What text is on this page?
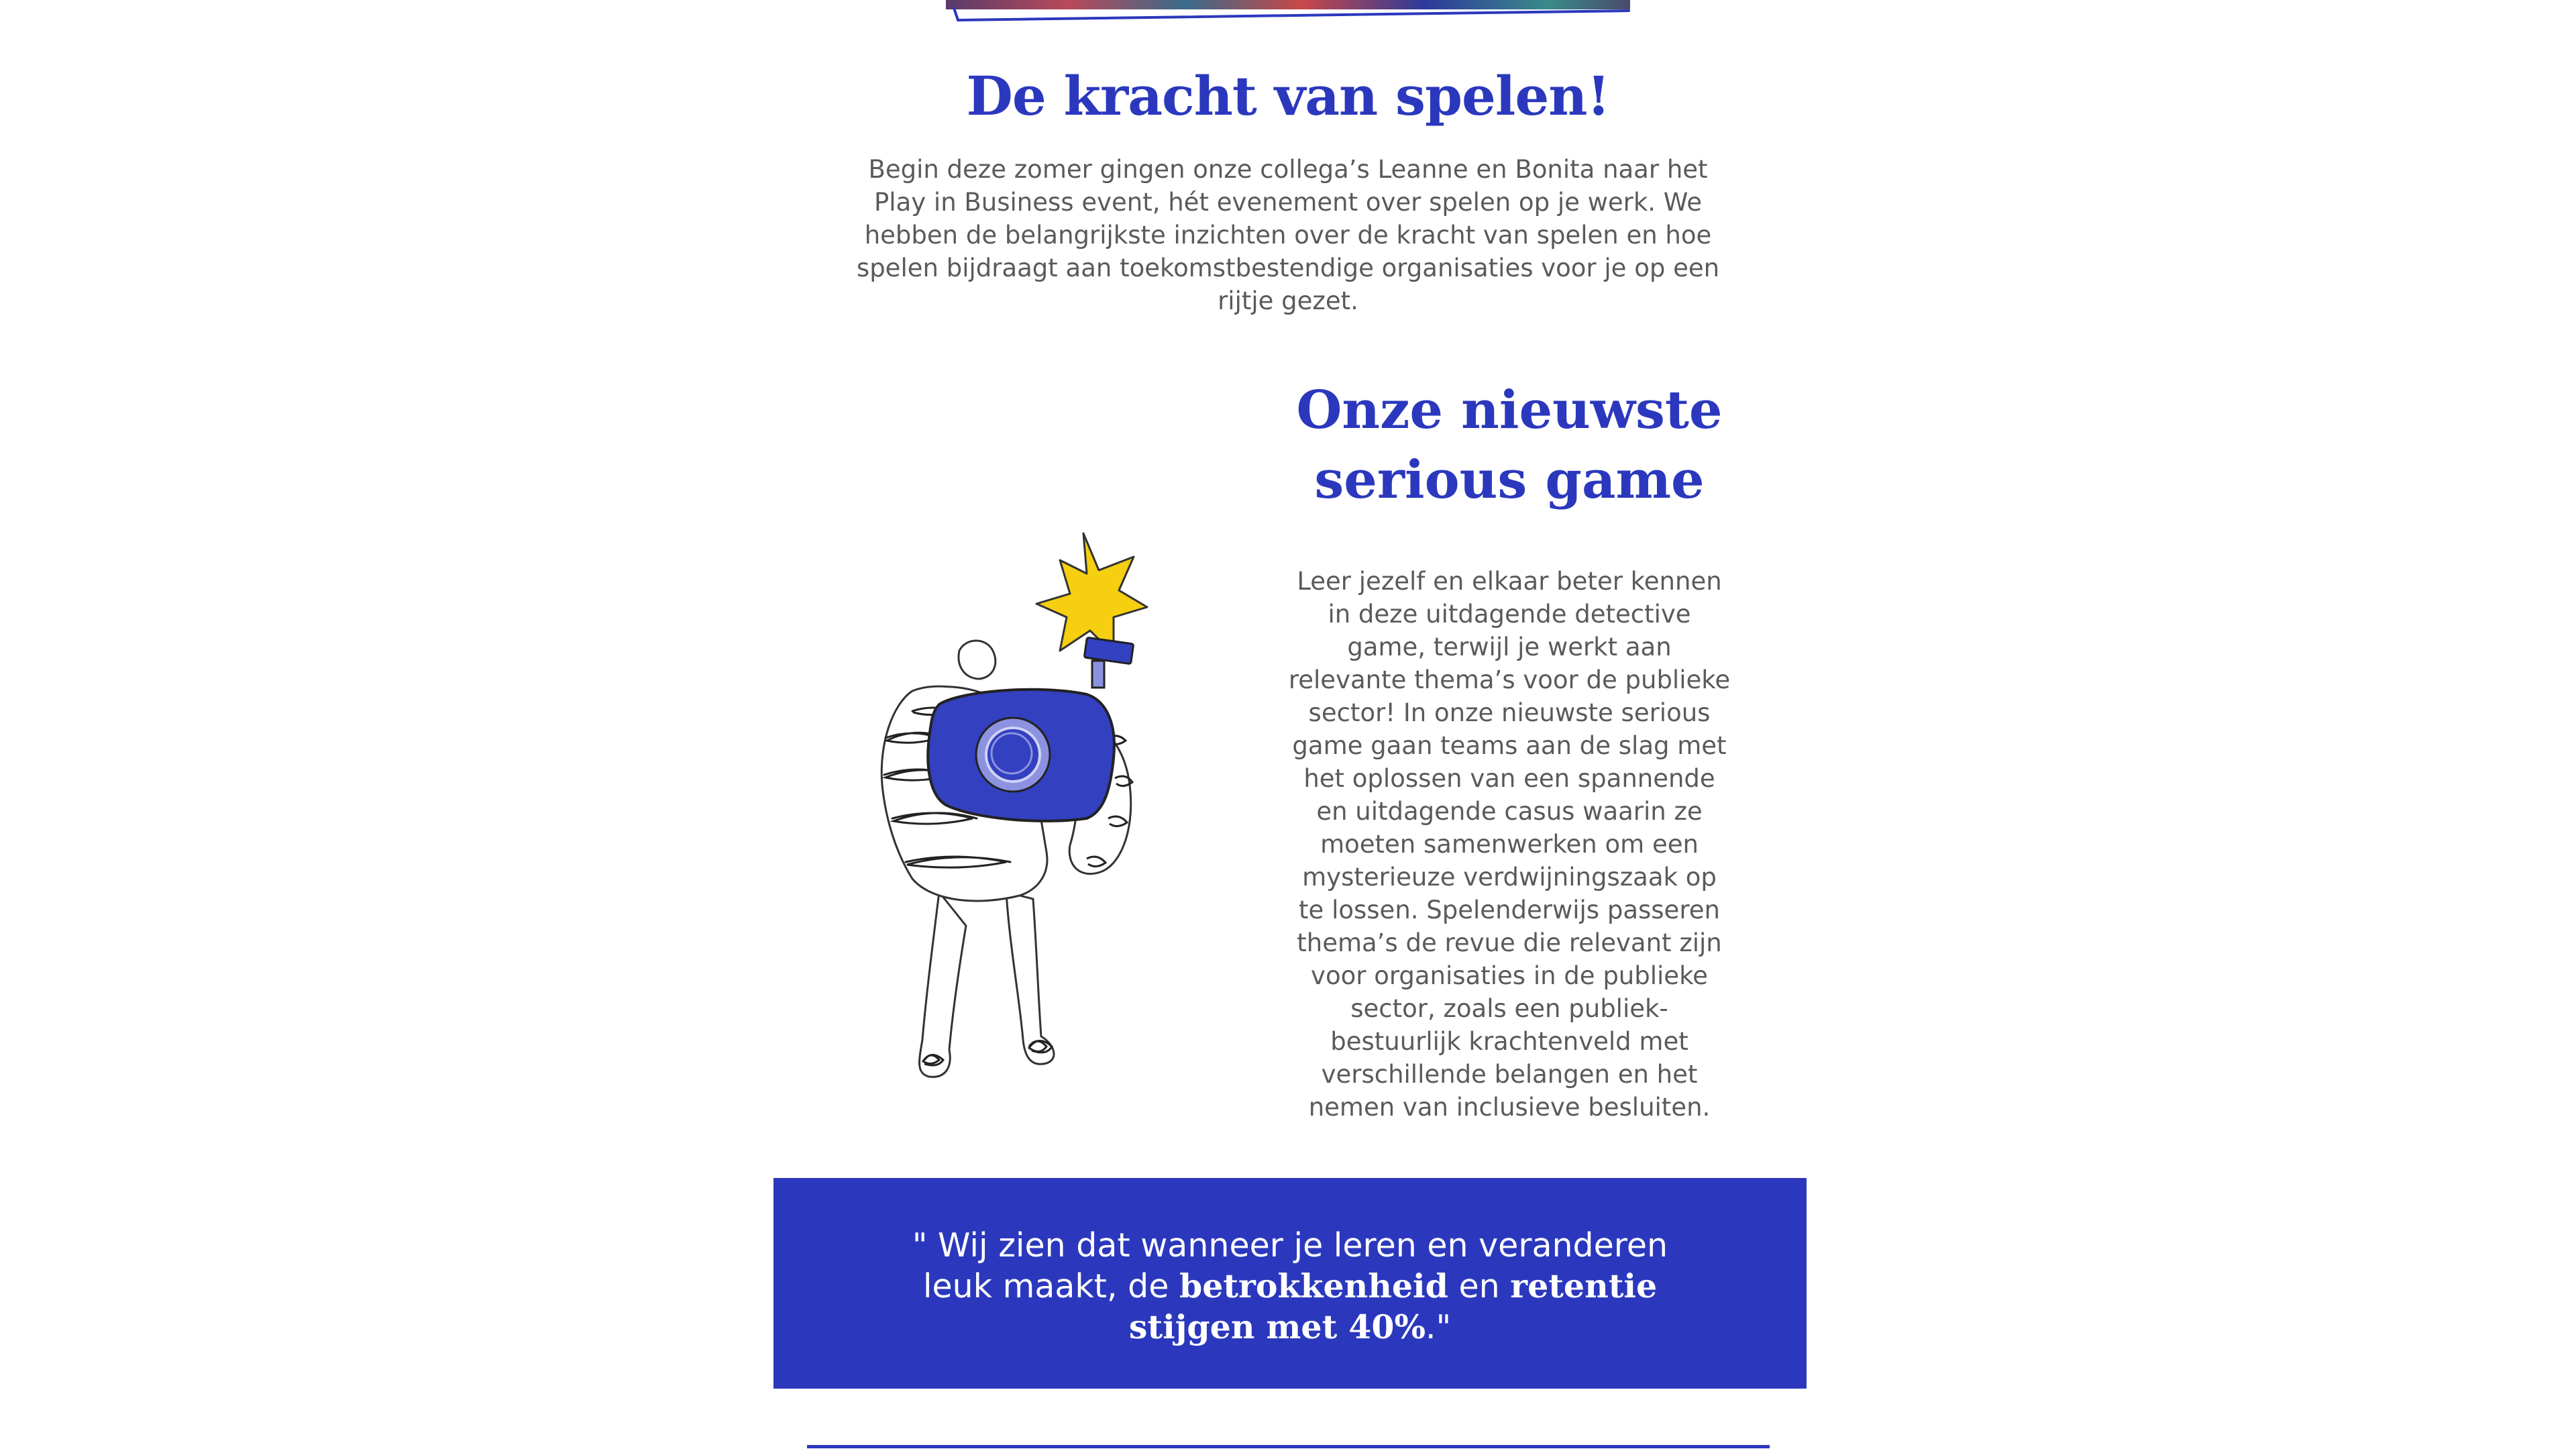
De kracht van spelen!

Begin deze zomer gingen onze collega’s Leanne en Bonita naar het Play in Business event, hét evenement over spelen op je werk. We hebben de belangrijkste inzichten over de kracht van spelen en hoe spelen bijdraagt aan toekomstbestendige organisaties voor je op een rijtje gezet.

Onze nieuwste
serious game

Leer jezelf en elkaar beter kennen in deze uitdagende detective game, terwijl je werkt aan relevante thema’s voor de publieke sector! In onze nieuwste serious game gaan teams aan de slag met het oplossen van een spannende en uitdagende casus waarin ze moeten samenwerken om een mysterieuze verdwijningszaak op te lossen. Spelenderwijs passeren thema’s de revue die relevant zijn voor organisaties in de publieke sector, zoals een publiek-bestuurlijk krachtenveld met verschillende belangen en het nemen van inclusieve besluiten.

" Wij zien dat wanneer je leren en veranderen leuk maakt, de betrokkenheid en retentie stijgen met 40%."
